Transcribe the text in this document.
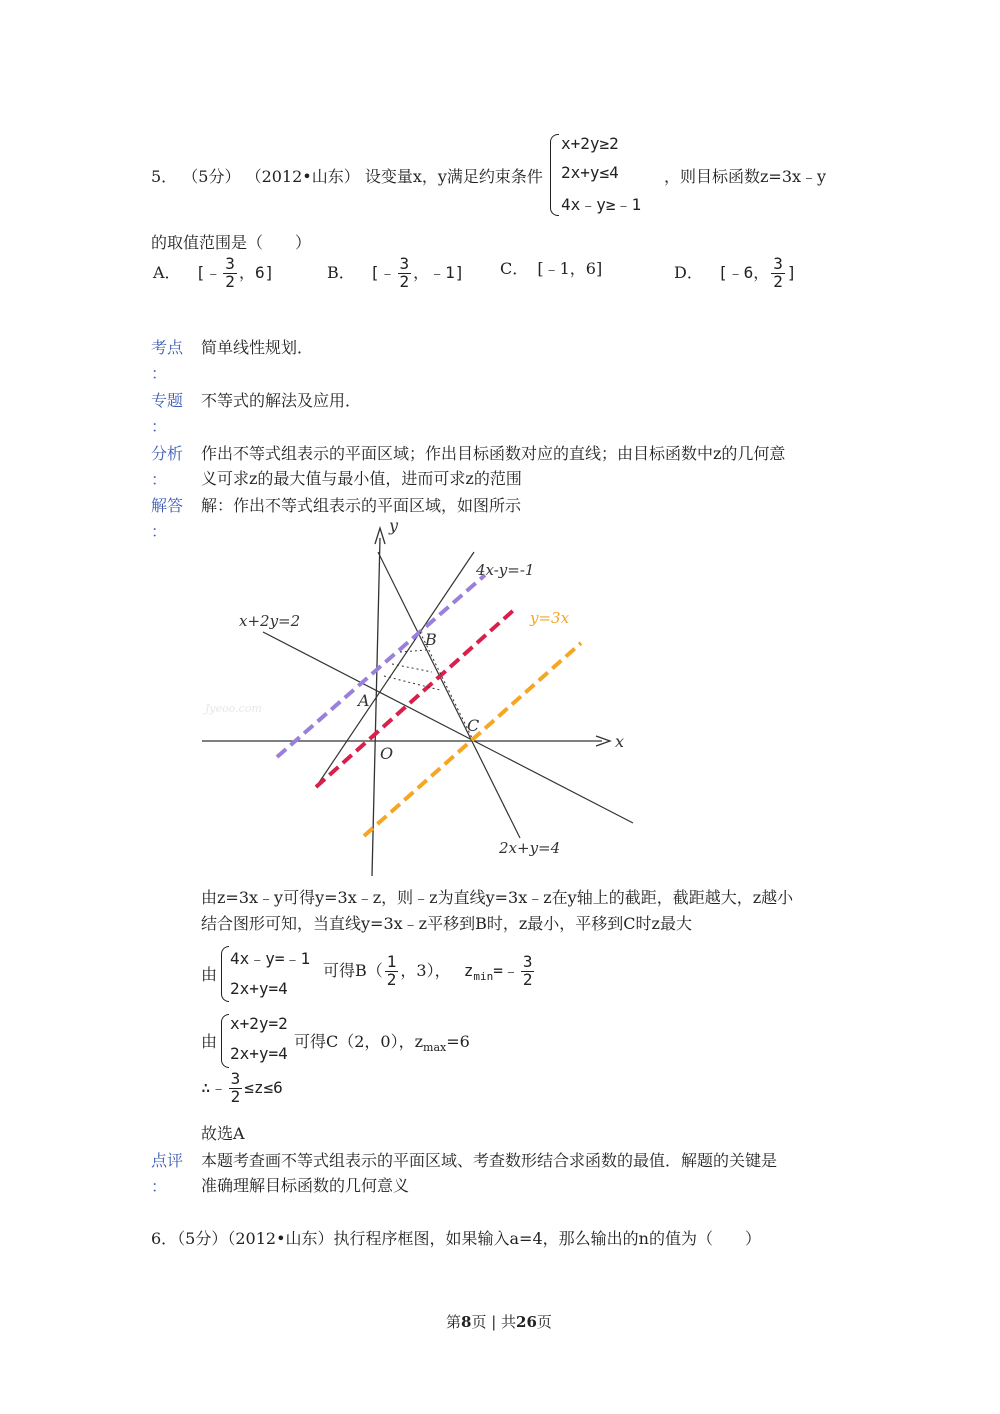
5． （5分） （2012•山东） 设变量x，y满足约束条件
x+2y≥2
2x+y≤4
4x﹣y≥﹣1
，则目标函数z=3x﹣y
的取值范围是（　　）
A． [﹣ $\frac{3}{2}$ ，6]	B． [﹣ $\frac{3}{2}$ ，﹣1] C． [﹣1，6]	D． [﹣6， $\frac{3}{2}$ ]
考点 简单线性规划．
：
专题 不等式的解法及应用．
：
分析 作出不等式组表示的平面区域；作出目标函数对应的直线；由目标函数中z的几何意
义可求z的最大值与最小值，进而可求z的范围
：
解答 解：作出不等式组表示的平面区域，如图所示
：
Jyeoo.com
4x-y=-1
x+2y=2	y=3x
2x+y=4
y
x
O
A
B
C
由z=3x﹣y可得y=3x﹣z，则﹣z为直线y=3x﹣z在y轴上的截距，截距越大，z越小
结合图形可知，当直线y=3x﹣z平移到B时，z最小，平移到C时z最大
由
4x﹣y=﹣1
2x+y=4
可得$B( \frac{1}{2}$ ，3）， $z_{min}=﹣ \frac{3}{2}$
由
x+2y=2
2x+y=4
可得C（2，0），$z_{max}=6$
∴﹣ $\frac{3}{2} \le z\le 6$
故选A
点评 本题考查画不等式组表示的平面区域、考查数形结合求函数的最值．解题的关键是
准确理解目标函数的几何意义
：
6．（5分）（2012•山东）执行程序框图，如果输入a=4，那么输出的n的值为（　　）
第8页 | 共26页
